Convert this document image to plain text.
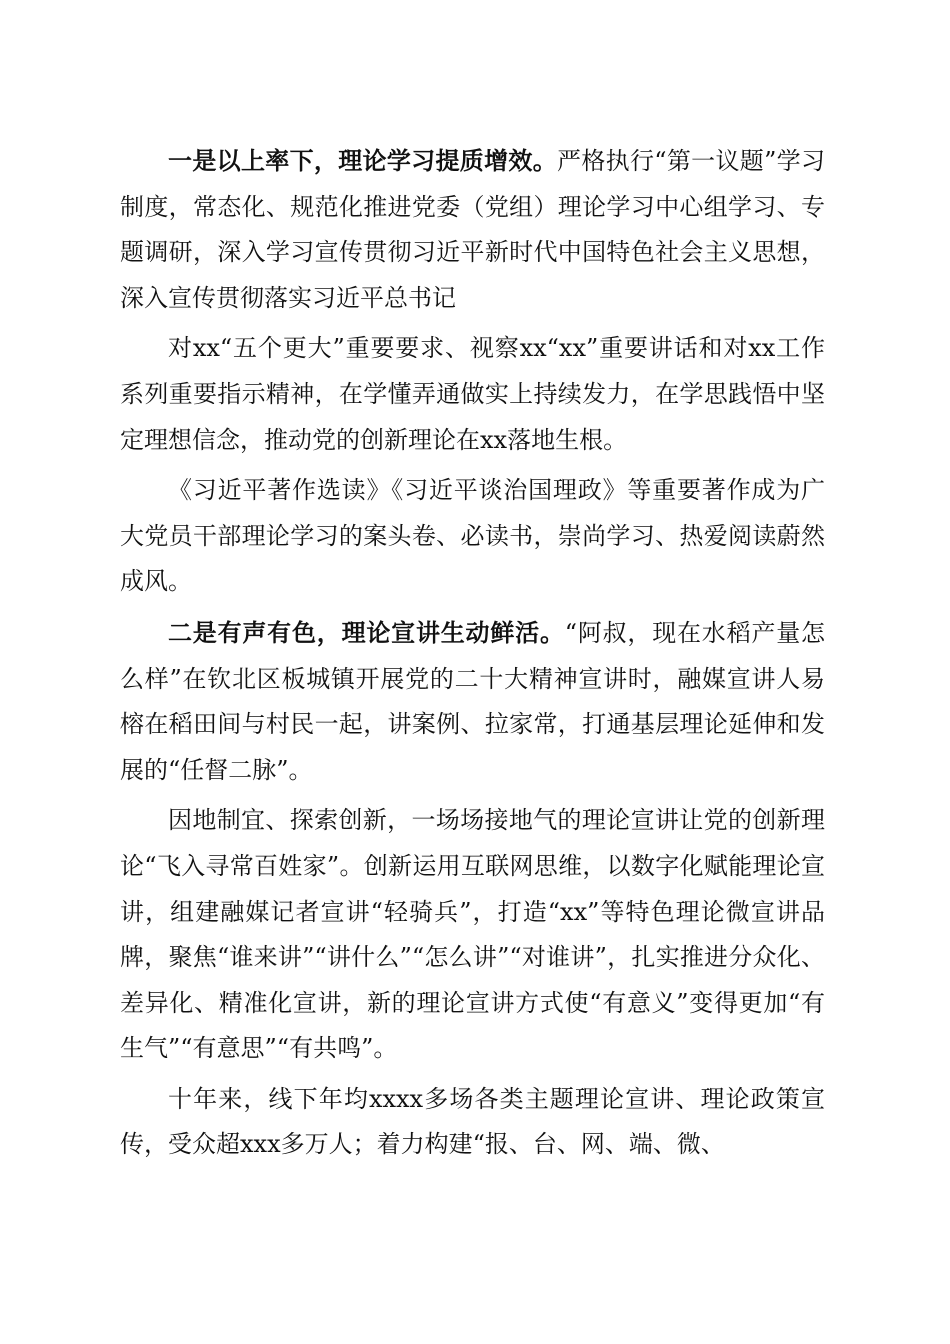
一是以上率下，理论学习提质增效。严格执行“第一议题”学习制度，常态化、规范化推进党委（党组）理论学习中心组学习、专题调研，深入学习宣传贯彻习近平新时代中国特色社会主义思想，深入宣传贯彻落实习近平总书记

对xx“五个更大”重要要求、视察xx“xx”重要讲话和对xx工作系列重要指示精神，在学懂弄通做实上持续发力，在学思践悟中坚定理想信念，推动党的创新理论在xx落地生根。

《习近平著作选读》《习近平谈治国理政》等重要著作成为广大党员干部理论学习的案头卷、必读书，崇尚学习、热爱阅读蔚然成风。

二是有声有色，理论宣讲生动鲜活。“阿叔，现在水稻产量怎么样”在钦北区板城镇开展党的二十大精神宣讲时，融媒宣讲人易榕在稻田间与村民一起，讲案例、拉家常，打通基层理论延伸和发展的“任督二脉”。

因地制宜、探索创新，一场场接地气的理论宣讲让党的创新理论“飞入寻常百姓家”。创新运用互联网思维，以数字化赋能理论宣讲，组建融媒记者宣讲“轻骑兵”，打造“xx”等特色理论微宣讲品牌，聚焦“谁来讲”“讲什么”“怎么讲”“对谁讲”，扎实推进分众化、差异化、精准化宣讲，新的理论宣讲方式使“有意义”变得更加“有生气”“有意思”“有共鸣”。

十年来，线下年均xxxx多场各类主题理论宣讲、理论政策宣传，受众超xxx多万人；着力构建“报、台、网、端、微、
